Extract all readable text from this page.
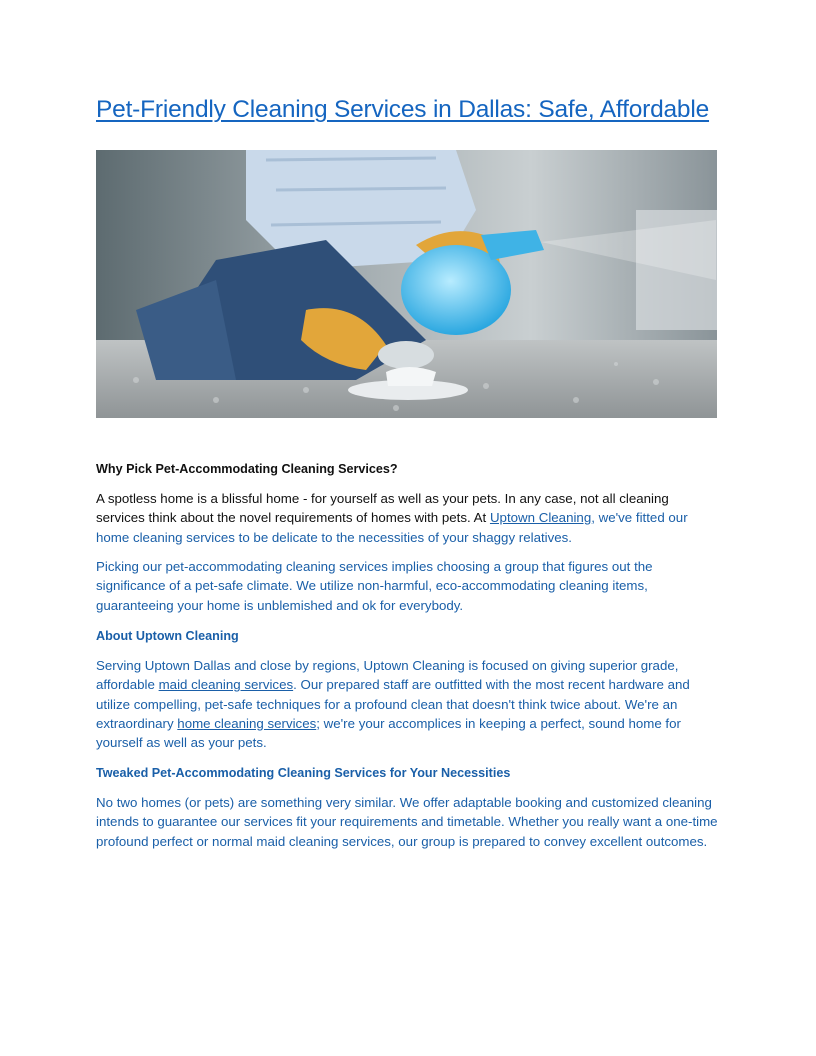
Pet-Friendly Cleaning Services in Dallas: Safe, Affordable

Why Pick Pet-Accommodating Cleaning Services?

A spotless home is a blissful home - for yourself as well as your pets. In any case, not all cleaning services think about the novel requirements of homes with pets. At Uptown Cleaning, we've fitted our home cleaning services to be delicate to the necessities of your shaggy relatives.

Picking our pet-accommodating cleaning services implies choosing a group that figures out the significance of a pet-safe climate. We utilize non-harmful, eco-accommodating cleaning items, guaranteeing your home is unblemished and ok for everybody.

About Uptown Cleaning

Serving Uptown Dallas and close by regions, Uptown Cleaning is focused on giving superior grade, affordable maid cleaning services. Our prepared staff are outfitted with the most recent hardware and utilize compelling, pet-safe techniques for a profound clean that doesn't think twice about. We're an extraordinary home cleaning services; we're your accomplices in keeping a perfect, sound home for yourself as well as your pets.

Tweaked Pet-Accommodating Cleaning Services for Your Necessities

No two homes (or pets) are something very similar. We offer adaptable booking and customized cleaning intends to guarantee our services fit your requirements and timetable. Whether you really want a one-time profound perfect or normal maid cleaning services, our group is prepared to convey excellent outcomes.
